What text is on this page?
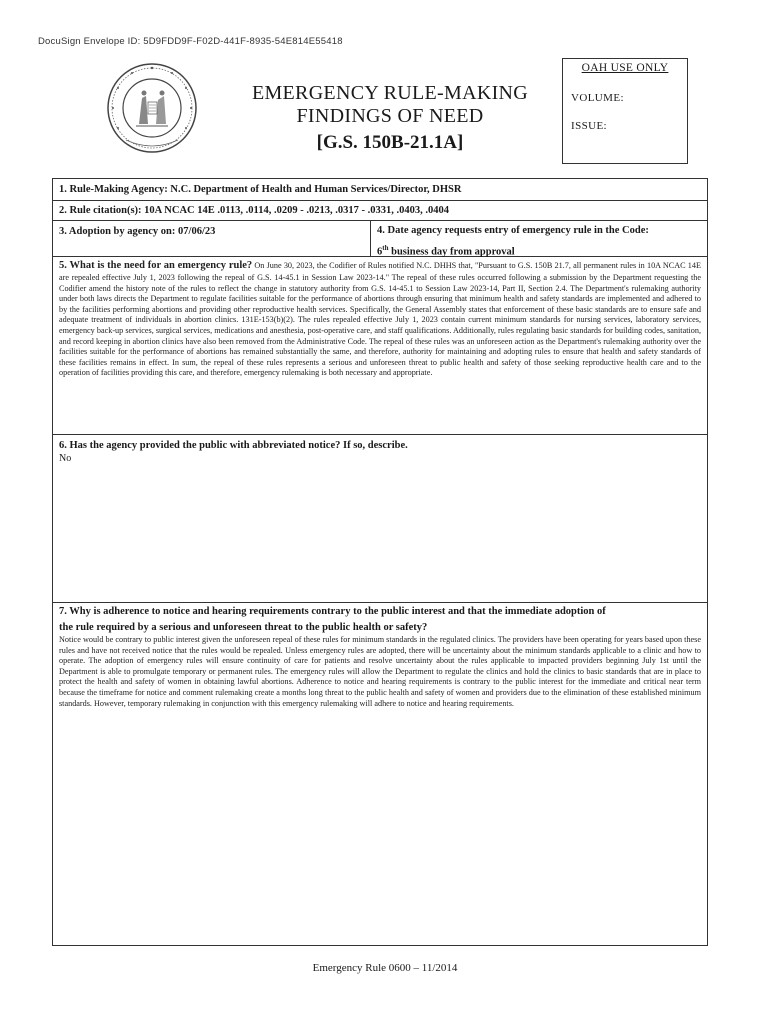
DocuSign Envelope ID: 5D9FDD9F-F02D-441F-8935-54E814E55418
EMERGENCY RULE-MAKING
FINDINGS OF NEED
[G.S. 150B-21.1A]
OAH USE ONLY
VOLUME:
ISSUE:
1. Rule-Making Agency: N.C. Department of Health and Human Services/Director, DHSR
2. Rule citation(s): 10A NCAC 14E .0113, .0114, .0209 - .0213, .0317 - .0331, .0403, .0404
3. Adoption by agency on: 07/06/23	4. Date agency requests entry of emergency rule in the Code:
6th business day from approval
5. What is the need for an emergency rule? On June 30, 2023, the Codifier of Rules notified N.C. DHHS that, "Pursuant to G.S. 150B 21.7, all permanent rules in 10A NCAC 14E are repealed effective July 1, 2023 following the repeal of G.S. 14-45.1 in Session Law 2023-14." The repeal of these rules occurred following a submission by the Department requesting the Codifier amend the history note of the rules to reflect the change in statutory authority from G.S. 14-45.1 to Session Law 2023-14, Part II, Section 2.4. The Department's rulemaking authority under both laws directs the Department to regulate facilities suitable for the performance of abortions through ensuring that minimum health and safety standards are implemented and adhered to by the facilities performing abortions and providing other reproductive health services. Specifically, the General Assembly states that enforcement of these basic standards are to ensure safe and adequate treatment of individuals in abortion clinics. 131E-153(b)(2). The rules repealed effective July 1, 2023 contain current minimum standards for nursing services, laboratory services, emergency back-up services, surgical services, medications and anesthesia, post-operative care, and staff qualifications. Additionally, rules regulating basic standards for building codes, sanitation, and record keeping in abortion clinics have also been removed from the Administrative Code. The repeal of these rules was an unforeseen action as the Department's rulemaking authority over the facilities suitable for the performance of abortions has remained substantially the same, and therefore, authority for maintaining and adopting rules to ensure that health and safety standards of these facilities remains in effect. In sum, the repeal of these rules represents a serious and unforeseen threat to public health and safety of those seeking reproductive health care and to the operation of facilities providing this care, and therefore, emergency rulemaking is both necessary and appropriate.
6. Has the agency provided the public with abbreviated notice? If so, describe.
No
7. Why is adherence to notice and hearing requirements contrary to the public interest and that the immediate adoption of
the rule required by a serious and unforeseen threat to the public health or safety?
Notice would be contrary to public interest given the unforeseen repeal of these rules for minimum standards in the regulated clinics. The providers have been operating for years based upon these rules and have not received notice that the rules would be repealed. Unless emergency rules are adopted, there will be uncertainty about the minimum standards applicable to a clinic and how to operate. The adoption of emergency rules will ensure continuity of care for patients and resolve uncertainty about the rules applicable to impacted providers beginning July 1st until the Department is able to promulgate temporary or permanent rules. The emergency rules will allow the Department to regulate the clinics and hold the clinics to basic standards that are in place to protect the health and safety of women in obtaining lawful abortions. Adherence to notice and hearing requirements is contrary to the public interest for the immediate and critical near term because the timeframe for notice and comment rulemaking create a months long threat to the public health and safety of women and providers due to the elimination of these established minimum standards. However, temporary rulemaking in conjunction with this emergency rulemaking will adhere to notice and hearing requirements.
Emergency Rule 0600 – 11/2014
